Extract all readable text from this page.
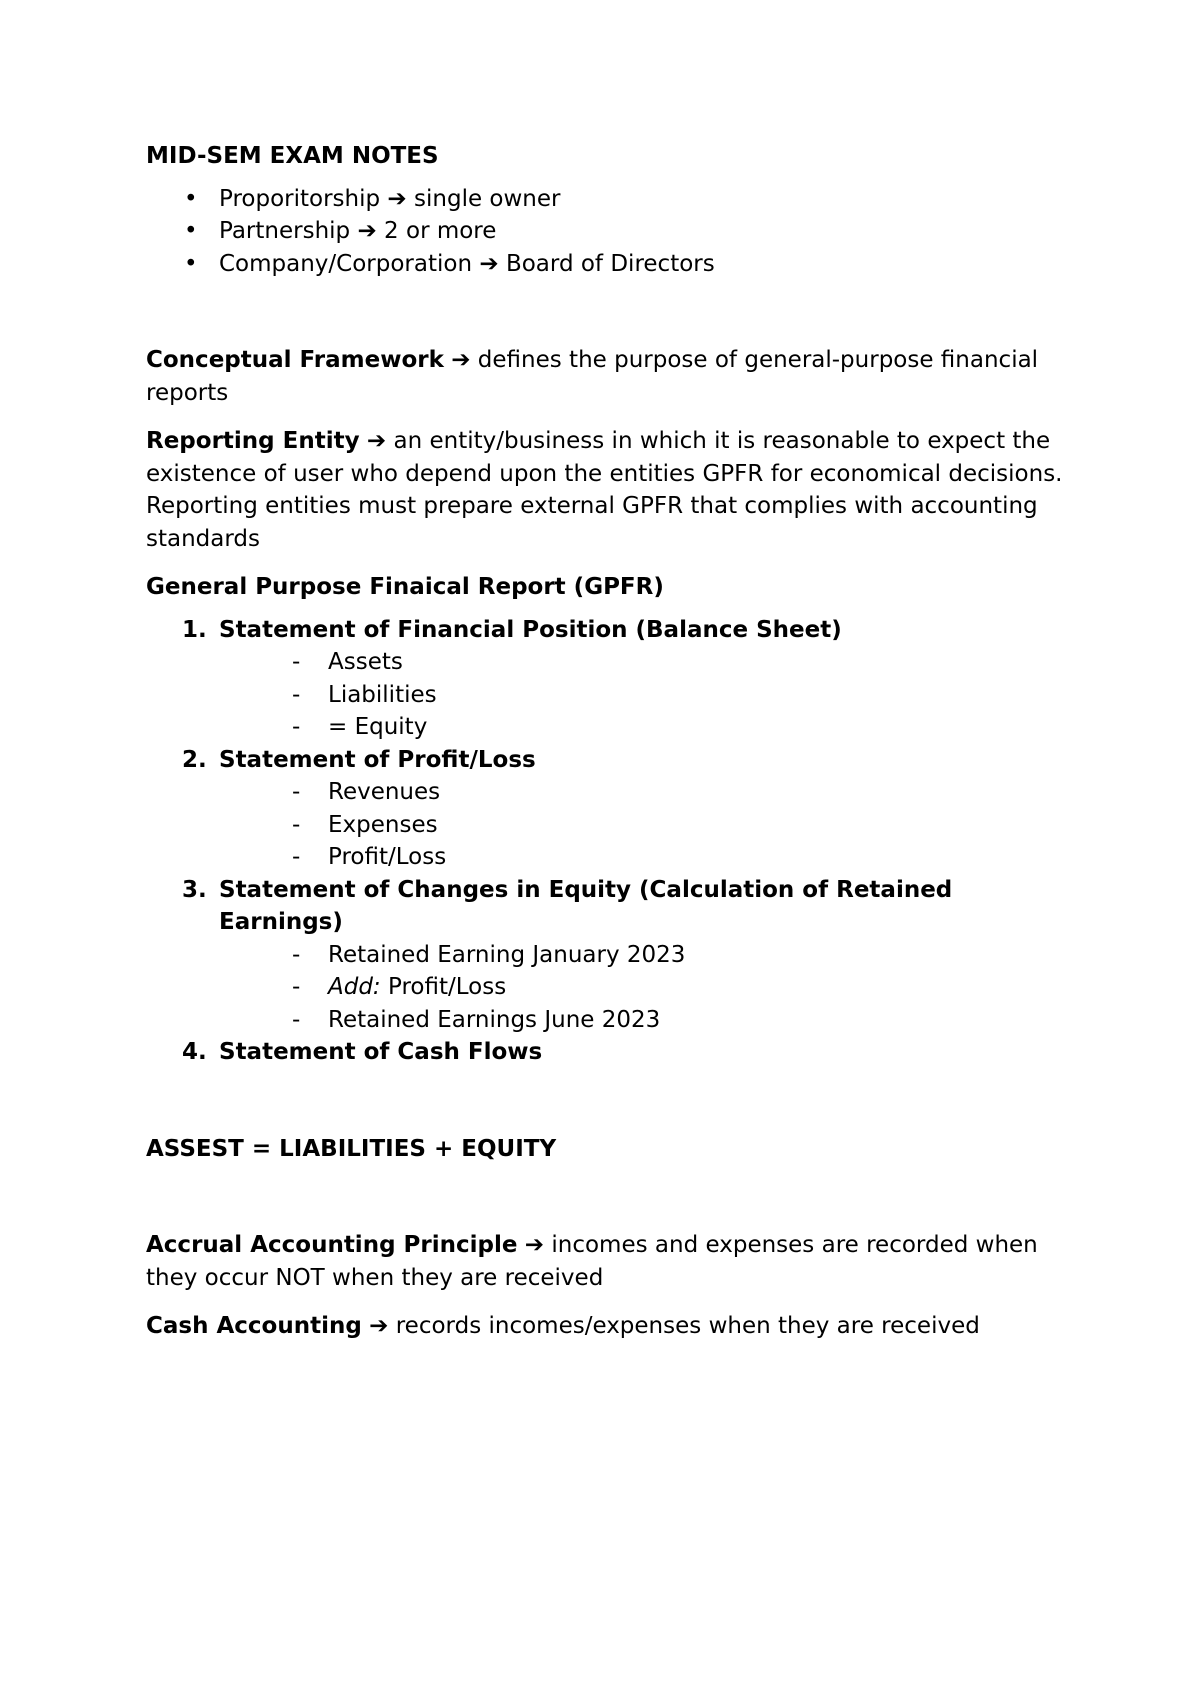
MID-SEM EXAM NOTES

• Proporitorship ➔ single owner
• Partnership ➔ 2 or more
• Company/Corporation ➔ Board of Directors

Conceptual Framework ➔ defines the purpose of general-purpose financial reports

Reporting Entity ➔ an entity/business in which it is reasonable to expect the existence of user who depend upon the entities GPFR for economical decisions. Reporting entities must prepare external GPFR that complies with accounting standards

General Purpose Finaical Report (GPFR)

1. Statement of Financial Position (Balance Sheet)
- Assets
- Liabilities
- = Equity
2. Statement of Profit/Loss
- Revenues
- Expenses
- Profit/Loss
3. Statement of Changes in Equity (Calculation of Retained Earnings)
- Retained Earning January 2023
- Add: Profit/Loss
- Retained Earnings June 2023
4. Statement of Cash Flows

ASSEST = LIABILITIES + EQUITY

Accrual Accounting Principle ➔ incomes and expenses are recorded when they occur NOT when they are received

Cash Accounting ➔ records incomes/expenses when they are received
